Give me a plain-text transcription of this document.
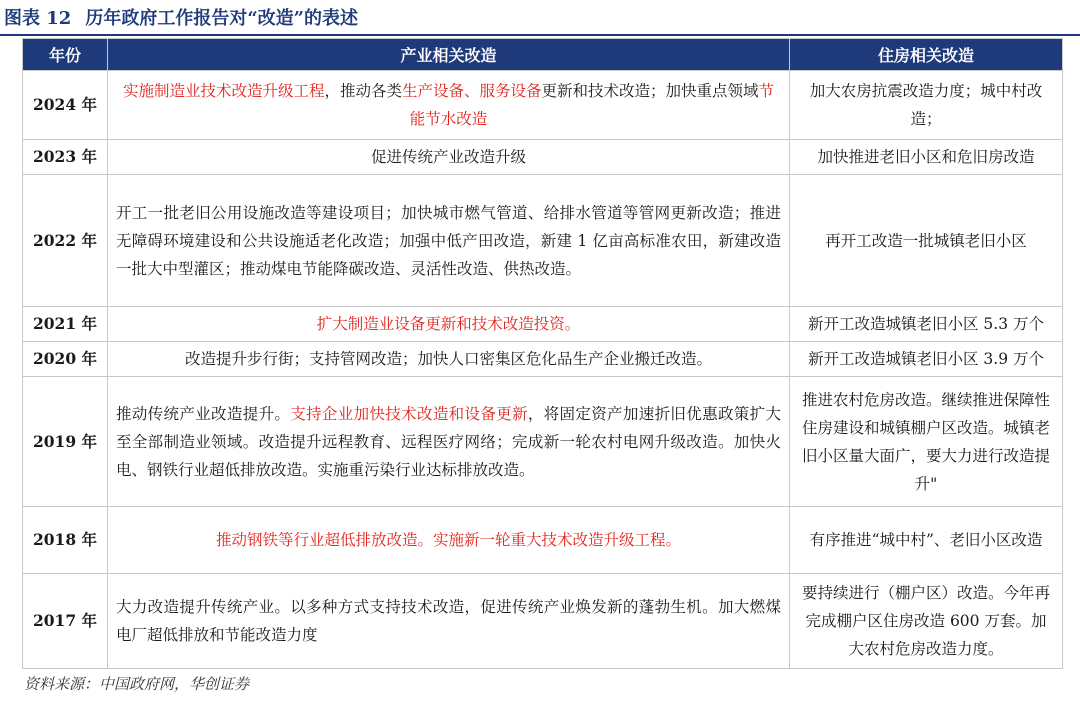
图表 12 历年政府工作报告对“改造”的表述
年份	产业相关改造	住房相关改造
2024 年	实施制造业技术改造升级工程，推动各类生产设备、服务设备更新和技术改造；加快重点领域节能节水改造	加大农房抗震改造力度；城中村改造；
2023 年	促进传统产业改造升级	加快推进老旧小区和危旧房改造
2022 年	开工一批老旧公用设施改造等建设项目；加快城市燃气管道、给排水管道等管网更新改造；推进无障碍环境建设和公共设施适老化改造；加强中低产田改造，新建 1 亿亩高标准农田，新建改造一批大中型灌区；推动煤电节能降碳改造、灵活性改造、供热改造。	再开工改造一批城镇老旧小区
2021 年	扩大制造业设备更新和技术改造投资。	新开工改造城镇老旧小区 5.3 万个
2020 年	改造提升步行街；支持管网改造；加快人口密集区危化品生产企业搬迁改造。	新开工改造城镇老旧小区 3.9 万个
2019 年	推动传统产业改造提升。支持企业加快技术改造和设备更新，将固定资产加速折旧优惠政策扩大至全部制造业领域。改造提升远程教育、远程医疗网络；完成新一轮农村电网升级改造。加快火电、钢铁行业超低排放改造。实施重污染行业达标排放改造。	推进农村危房改造。继续推进保障性住房建设和城镇棚户区改造。城镇老旧小区量大面广，要大力进行改造提升"
2018 年	推动钢铁等行业超低排放改造。实施新一轮重大技术改造升级工程。	有序推进“城中村”、老旧小区改造
2017 年	大力改造提升传统产业。以多种方式支持技术改造，促进传统产业焕发新的蓬勃生机。加大燃煤电厂超低排放和节能改造力度	要持续进行（棚户区）改造。今年再完成棚户区住房改造 600 万套。加大农村危房改造力度。
资料来源：中国政府网，华创证券
